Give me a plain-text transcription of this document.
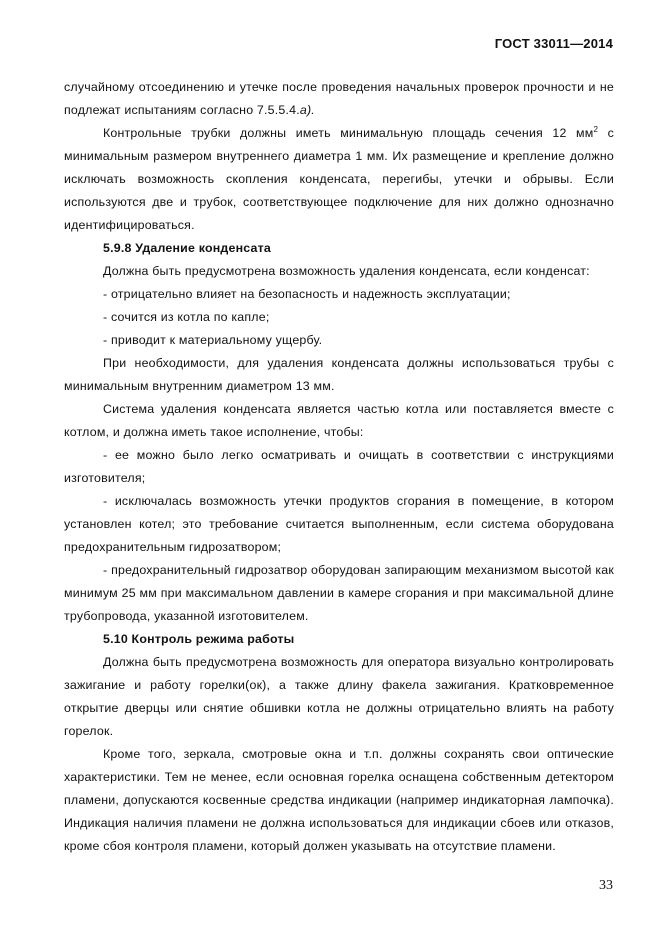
ГОСТ 33011—2014

случайному отсоединению и утечке после проведения начальных проверок прочности и не подлежат испытаниям согласно 7.5.5.4.а).

Контрольные трубки должны иметь минимальную площадь сечения 12 $мм^2$ с минимальным размером внутреннего диаметра 1 мм. Их размещение и крепление должно исключать возможность скопления конденсата, перегибы, утечки и обрывы. Если используются две и трубок, соответствующее подключение для них должно однозначно идентифицироваться.

5.9.8 Удаление конденсата

Должна быть предусмотрена возможность удаления конденсата, если конденсат:

- отрицательно влияет на безопасность и надежность эксплуатации;

- сочится из котла по капле;

- приводит к материальному ущербу.

При необходимости, для удаления конденсата должны использоваться трубы с минимальным внутренним диаметром 13 мм.

Система удаления конденсата является частью котла или поставляется вместе с котлом, и должна иметь такое исполнение, чтобы:

- ее можно было легко осматривать и очищать в соответствии с инструкциями изготовителя;

- исключалась возможность утечки продуктов сгорания в помещение, в котором установлен котел; это требование считается выполненным, если система оборудована предохранительным гидрозатвором;

- предохранительный гидрозатвор оборудован запирающим механизмом высотой как минимум 25 мм при максимальном давлении в камере сгорания и при максимальной длине трубопровода, указанной изготовителем.

5.10 Контроль режима работы

Должна быть предусмотрена возможность для оператора визуально контролировать зажигание и работу горелки(ок), а также длину факела зажигания. Кратковременное открытие дверцы или снятие обшивки котла не должны отрицательно влиять на работу горелок.

Кроме того, зеркала, смотровые окна и т.п. должны сохранять свои оптические характеристики. Тем не менее, если основная горелка оснащена собственным детектором пламени, допускаются косвенные средства индикации (например индикаторная лампочка). Индикация наличия пламени не должна использоваться для индикации сбоев или отказов, кроме сбоя контроля пламени, который должен указывать на отсутствие пламени.

33
